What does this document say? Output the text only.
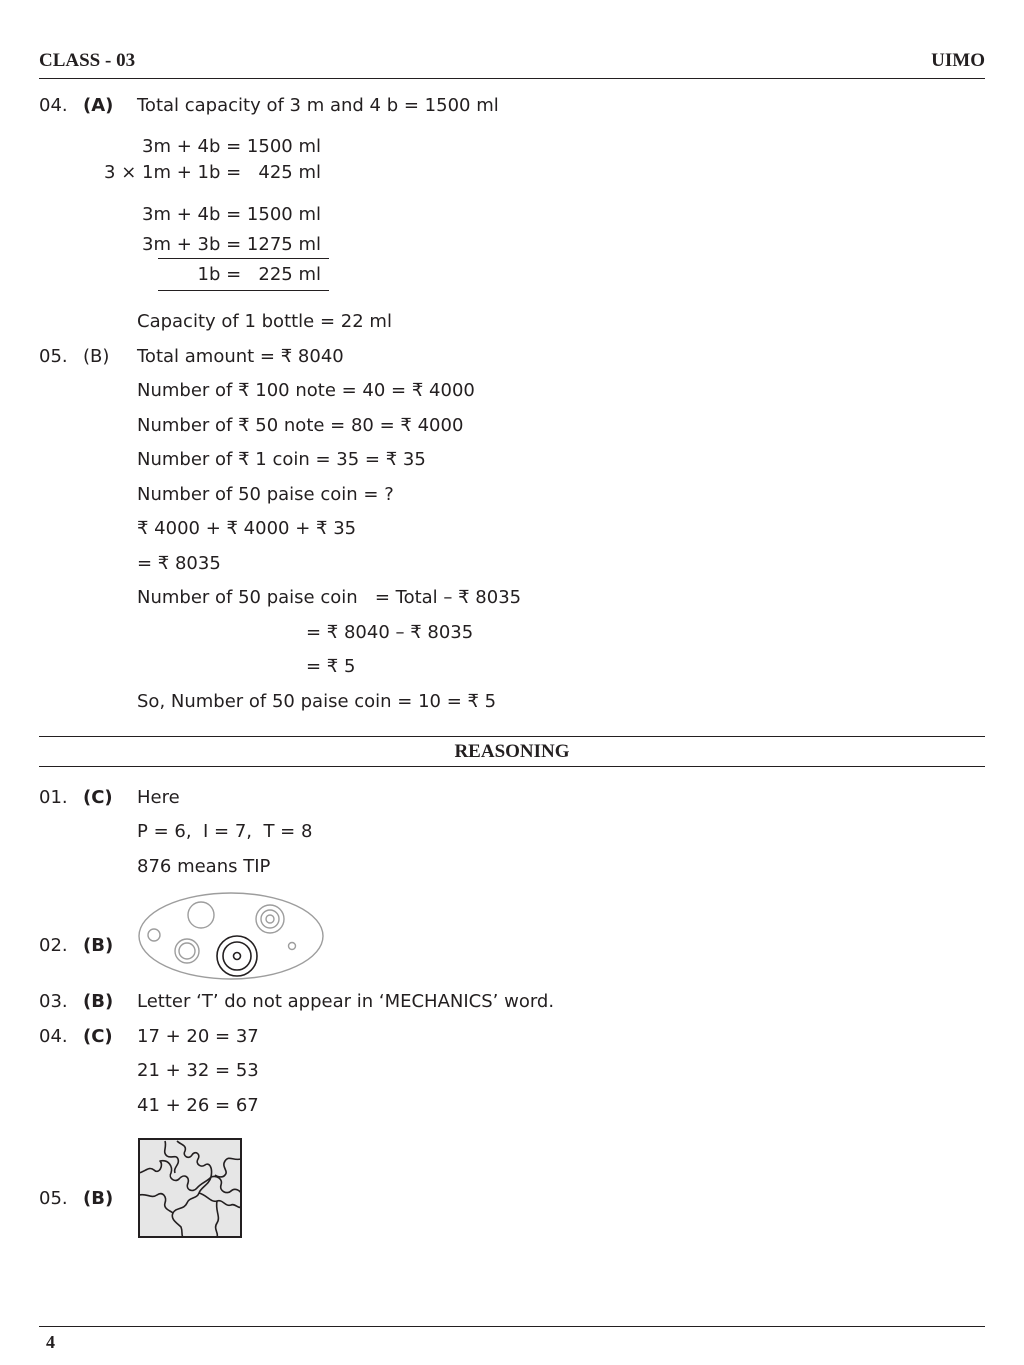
CLASS - 03	UIMO
04. (A) Total capacity of 3 m and 4 b = 1500 ml
3m + 4b = 1500 ml
3 × 1m + 1b =   425 ml
3m + 4b = 1500 ml
3m + 3b = 1275 ml
1b =   225 ml
Capacity of 1 bottle = 22 ml
05. (B) Total amount = ₹ 8040
Number of ₹ 100 note = 40 = ₹ 4000
Number of ₹ 50 note = 80 = ₹ 4000
Number of ₹ 1 coin = 35 = ₹ 35
Number of 50 paise coin = ?
₹ 4000 + ₹ 4000 + ₹ 35
= ₹ 8035
Number of 50 paise coin   = Total – ₹ 8035
= ₹ 8040 – ₹ 8035
= ₹ 5
So, Number of 50 paise coin = 10 = ₹ 5
REASONING
01. (C) Here
P = 6,  I = 7,  T = 8
876 means TIP
02. (B)
03. (B) Letter ‘T’ do not appear in ‘MECHANICS’ word.
04. (C) 17 + 20 = 37
21 + 32 = 53
41 + 26 = 67
05. (B)
4
